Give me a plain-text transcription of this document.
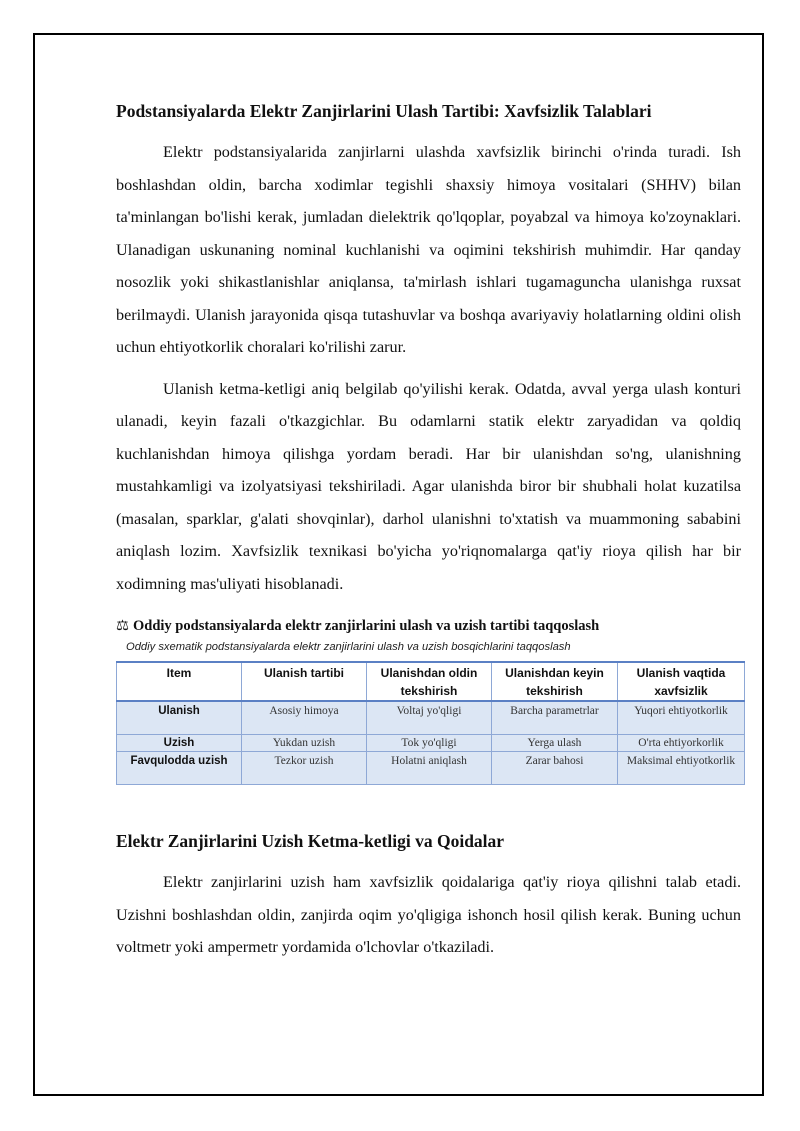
Podstansiyalarda Elektr Zanjirlarini Ulash Tartibi: Xavfsizlik Talablari

Elektr podstansiyalarida zanjirlarni ulashda xavfsizlik birinchi o'rinda turadi. Ish boshlashdan oldin, barcha xodimlar tegishli shaxsiy himoya vositalari (SHHV) bilan ta'minlangan bo'lishi kerak, jumladan dielektrik qo'lqoplar, poyabzal va himoya ko'zoynaklari. Ulanadigan uskunaning nominal kuchlanishi va oqimini tekshirish muhimdir. Har qanday nosozlik yoki shikastlanishlar aniqlansa, ta'mirlash ishlari tugamaguncha ulanishga ruxsat berilmaydi. Ulanish jarayonida qisqa tutashuvlar va boshqa avariyaviy holatlarning oldini olish uchun ehtiyotkorlik choralari ko'rilishi zarur.

Ulanish ketma-ketligi aniq belgilab qo'yilishi kerak. Odatda, avval yerga ulash konturi ulanadi, keyin fazali o'tkazgichlar. Bu odamlarni statik elektr zaryadidan va qoldiq kuchlanishdan himoya qilishga yordam beradi. Har bir ulanishdan so'ng, ulanishning mustahkamligi va izolyatsiyasi tekshiriladi. Agar ulanishda biror bir shubhali holat kuzatilsa (masalan, sparklar, g'alati shovqinlar), darhol ulanishni to'xtatish va muammoning sababini aniqlash lozim. Xavfsizlik texnikasi bo'yicha yo'riqnomalarga qat'iy rioya qilish har bir xodimning mas'uliyati hisoblanadi.

⚖ Oddiy podstansiyalarda elektr zanjirlarini ulash va uzish tartibi taqqoslash
Oddiy sxematik podstansiyalarda elektr zanjirlarini ulash va uzish bosqichlarini taqqoslash
Item	Ulanish tartibi	Ulanishdan oldin tekshirish	Ulanishdan keyin tekshirish	Ulanish vaqtida xavfsizlik
Ulanish	Asosiy himoya	Voltaj yo'qligi	Barcha parametrlar	Yuqori ehtiyotkorlik
Uzish	Yukdan uzish	Tok yo'qligi	Yerga ulash	O'rta ehtiyorkorlik
Favqulodda uzish	Tezkor uzish	Holatni aniqlash	Zarar bahosi	Maksimal ehtiyotkorlik
Elektr Zanjirlarini Uzish Ketma-ketligi va Qoidalar

Elektr zanjirlarini uzish ham xavfsizlik qoidalariga qat'iy rioya qilishni talab etadi. Uzishni boshlashdan oldin, zanjirda oqim yo'qligiga ishonch hosil qilish kerak. Buning uchun voltmetr yoki ampermetr yordamida o'lchovlar o'tkaziladi.
